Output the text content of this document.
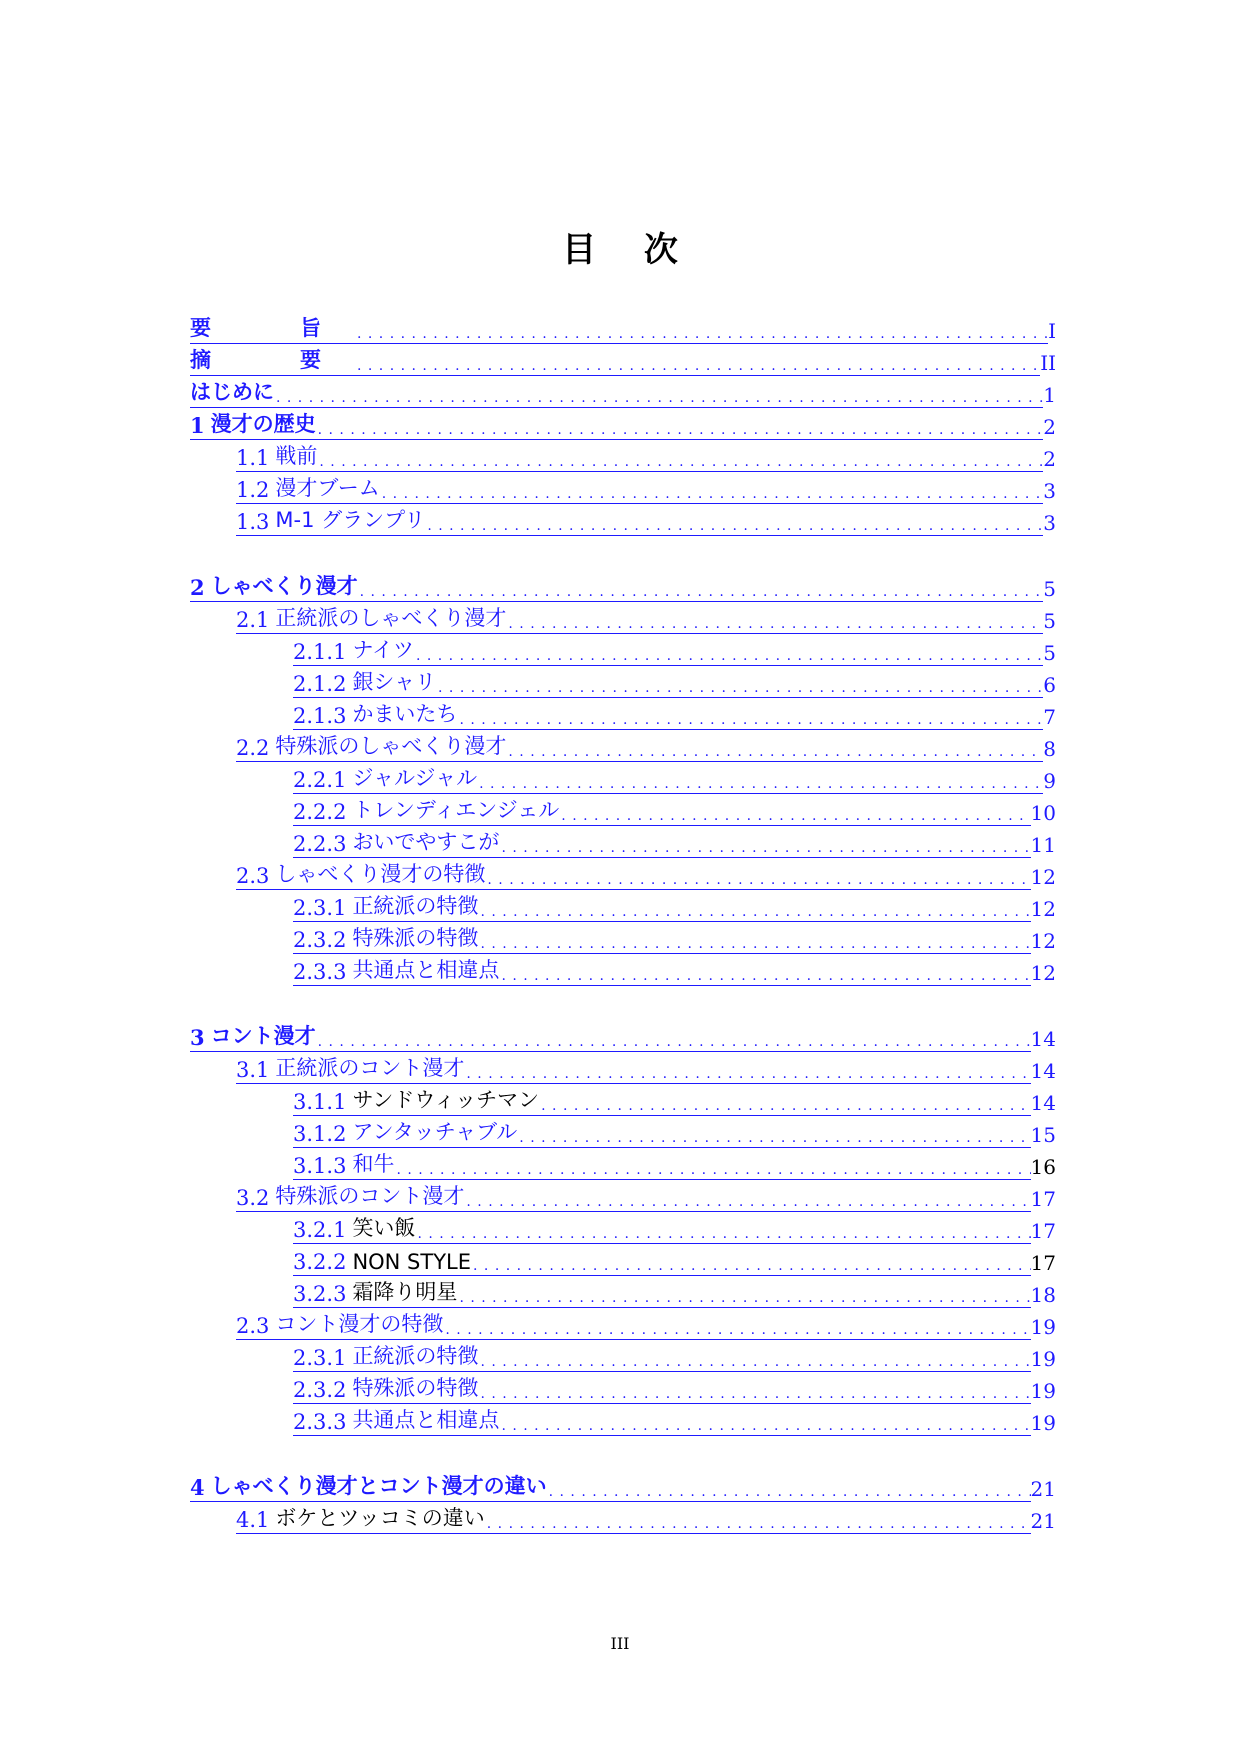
目 次
要　旨 . . .	I
摘　要 . . .	II
はじめに . . .	1
1 漫才の歴史 . . .	2
1.1 戦前 . . .	2
1.2 漫才ブーム . . .	3
1.3 M-1 グランプリ . . .	3
2 しゃべくり漫才 . . .	5
2.1 正統派のしゃべくり漫才 . . .	5
2.1.1 ナイツ . . .	5
2.1.2 銀シャリ . . .	6
2.1.3 かまいたち . . .	7
2.2 特殊派のしゃべくり漫才 . . .	8
2.2.1 ジャルジャル . . .	9
2.2.2 トレンディエンジェル . . .	10
2.2.3 おいでやすこが . . .	11
2.3 しゃべくり漫才の特徴 . . .	12
2.3.1 正統派の特徴 . . .	12
2.3.2 特殊派の特徴 . . .	12
2.3.3 共通点と相違点 . . .	12
3 コント漫才 . . .	14
3.1 正統派のコント漫才 . . .	14
3.1.1 サンドウィッチマン . . .	14
3.1.2 アンタッチャブル . . .	15
3.1.3 和牛 . . .	16
3.2 特殊派のコント漫才 . . .	17
3.2.1 笑い飯 . . .	17
3.2.2 NON STYLE . . .	17
3.2.3 霜降り明星 . . .	18
2.3 コント漫才の特徴 . . .	19
2.3.1 正統派の特徴 . . .	19
2.3.2 特殊派の特徴 . . .	19
2.3.3 共通点と相違点 . . .	19
4 しゃべくり漫才とコント漫才の違い . . .	21
4.1 ボケとツッコミの違い . . .	21
III
